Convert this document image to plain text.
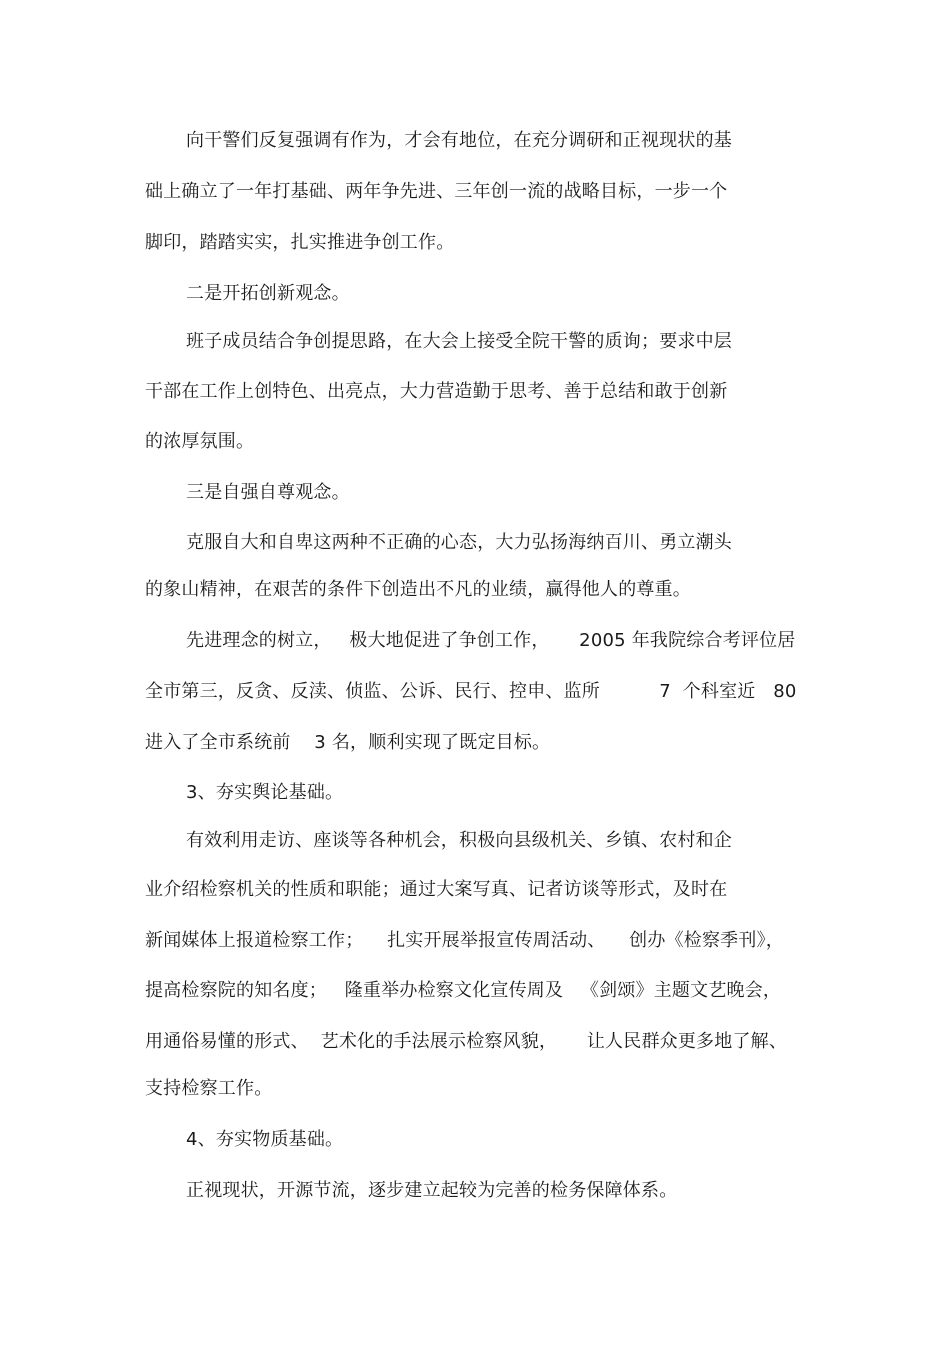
向干警们反复强调有作为，才会有地位，在充分调研和正视现状的基
础上确立了一年打基础、两年争先进、三年创一流的战略目标，一步一个
脚印，踏踏实实，扎实推进争创工作。
二是开拓创新观念。
班子成员结合争创提思路，在大会上接受全院干警的质询；要求中层
干部在工作上创特色、出亮点，大力营造勤于思考、善于总结和敢于创新
的浓厚氛围。
三是自强自尊观念。
克服自大和自卑这两种不正确的心态，大力弘扬海纳百川、勇立潮头
的象山精神，在艰苦的条件下创造出不凡的业绩，赢得他人的尊重。
先进理念的树立，   极大地促进了争创工作，     2005 年我院综合考评位居
全市第三，反贪、反渎、侦监、公诉、民行、控申、监所          7  个科室近   80
进入了全市系统前    3 名，顺利实现了既定目标。
3、夯实舆论基础。
有效利用走访、座谈等各种机会，积极向县级机关、乡镇、农村和企
业介绍检察机关的性质和职能；通过大案写真、记者访谈等形式，及时在
新闻媒体上报道检察工作；    扎实开展举报宣传周活动、    创办《检察季刊》，
提高检察院的知名度；   隆重举办检察文化宣传周及   《剑颂》主题文艺晚会，
用通俗易懂的形式、  艺术化的手法展示检察风貌，     让人民群众更多地了解、
支持检察工作。
4、夯实物质基础。
正视现状，开源节流，逐步建立起较为完善的检务保障体系。
